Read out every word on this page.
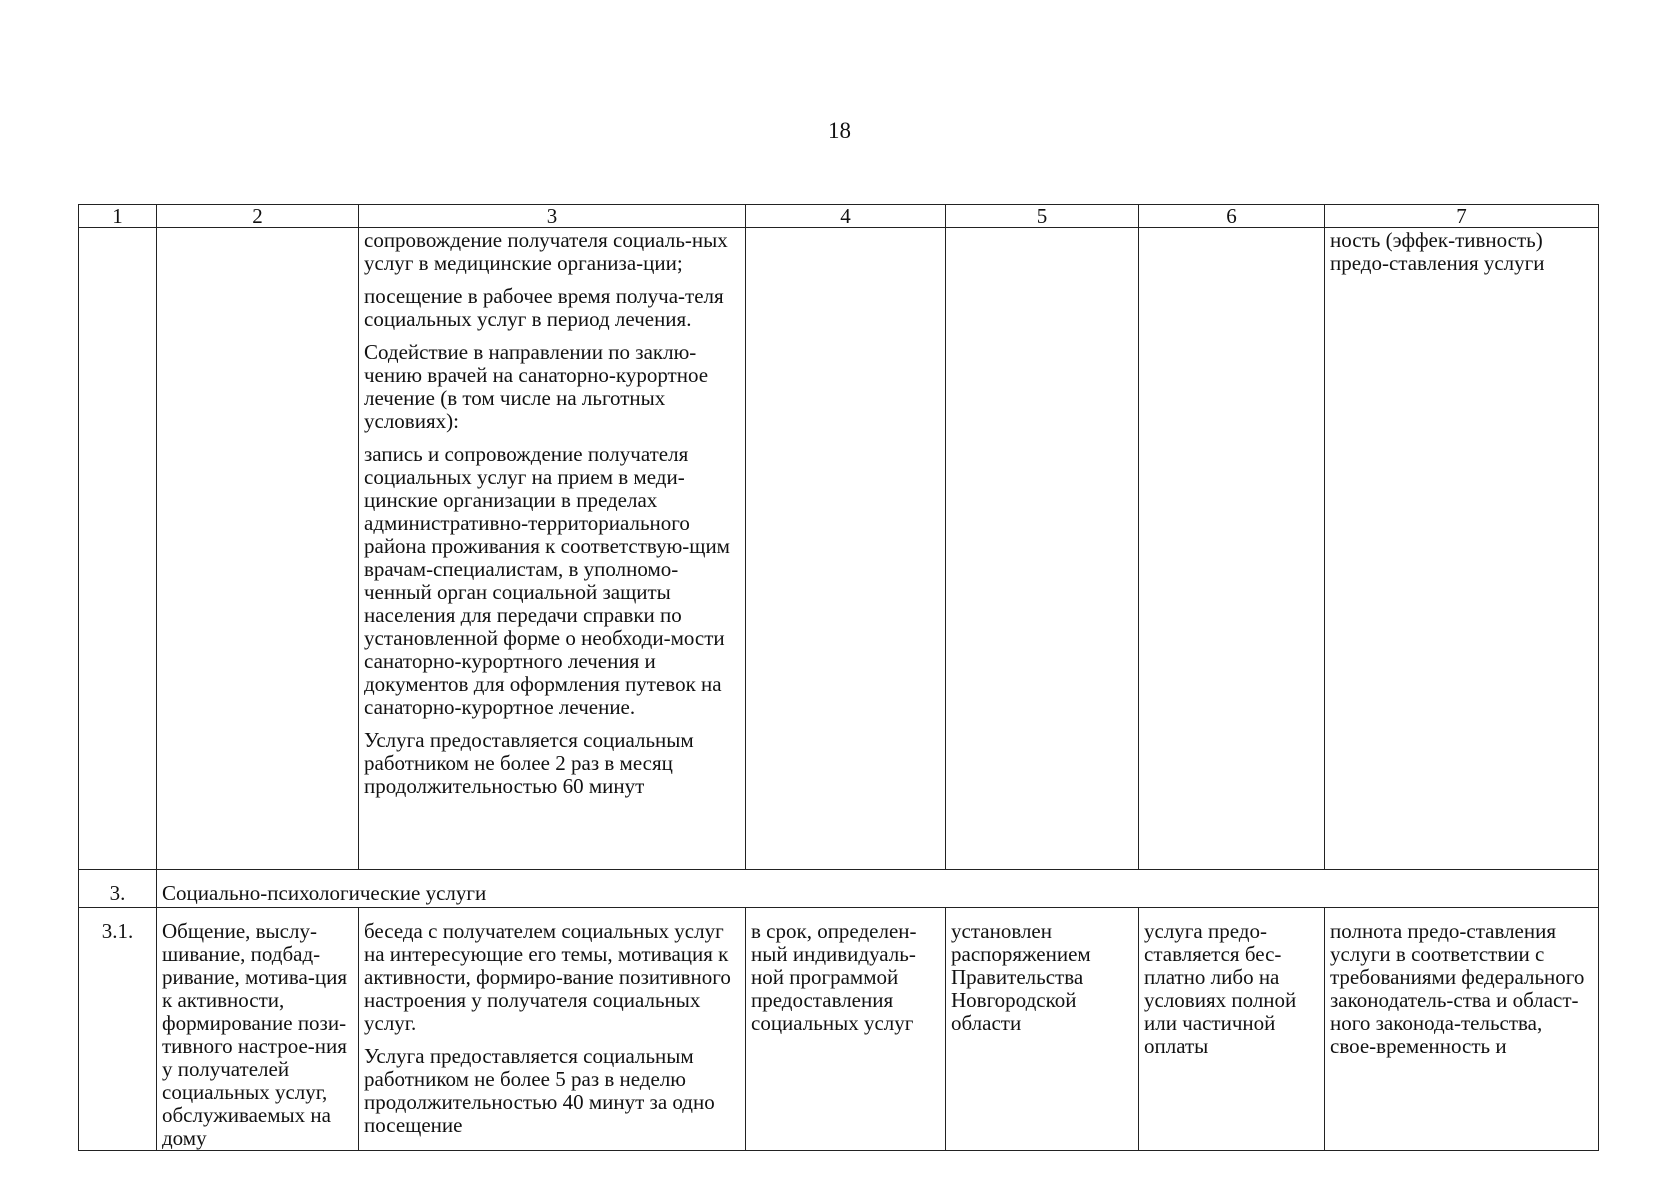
18
1	2	3	4	5	6	7

		сопровождение получателя социаль-ных услуг в медицинские организа-ции;
посещение в рабочее время получа-теля социальных услуг в период лечения.
Содействие в направлении по заклю-чению врачей на санаторно-курортное лечение (в том числе на льготных условиях):
запись и сопровождение получателя социальных услуг на прием в меди-цинские организации в пределах административно-территориального района проживания к соответствую-щим врачам-специалистам, в уполномо-ченный орган социальной защиты населения для передачи справки по установленной форме о необходи-мости санаторно-курортного лечения и документов для оформления путевок на санаторно-курортное лечение.
Услуга предоставляется социальным работником не более 2 раз в месяц продолжительностью 60 минут				ность (эффек-тивность) предо-ставления услуги
3.	Социально-психологические услуги					
3.1.	Общение, выслу-шивание, подбад-ривание, мотива-ция к активности, формирование пози-тивного настрое-ния у получателей социальных услуг, обслуживаемых на дому	беседа с получателем социальных услуг на интересующие его темы, мотивация к активности, формиро-вание позитивного настроения у получателя социальных услуг.
Услуга предоставляется социальным работником не более 5 раз в неделю продолжительностью 40 минут за одно посещение	в срок, определен-ный индивидуаль-ной программой предоставления социальных услуг	установлен распоряжением Правительства Новгородской области	услуга предо-ставляется бес-платно либо на условиях полной или частичной оплаты	полнота предо-ставления услуги в соответствии с требованиями федерального законодатель-ства и област-ного законода-тельства, свое-временность и
